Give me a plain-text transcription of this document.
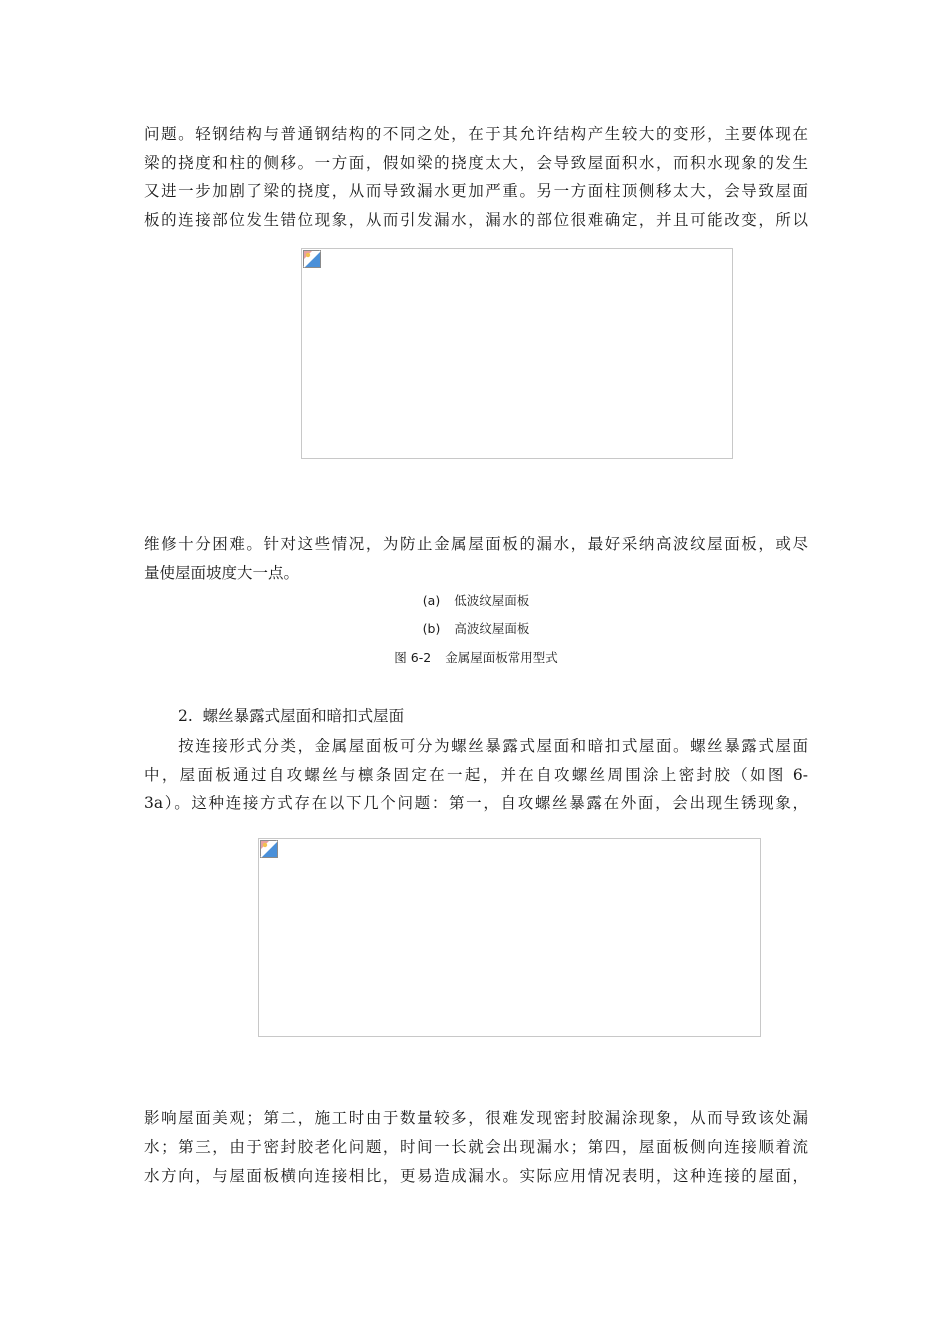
问题。轻钢结构与普通钢结构的不同之处，在于其允许结构产生较大的变形，主要体现在
梁的挠度和柱的侧移。一方面，假如梁的挠度太大，会导致屋面积水，而积水现象的发生
又进一步加剧了梁的挠度，从而导致漏水更加严重。另一方面柱顶侧移太大，会导致屋面
板的连接部位发生错位现象，从而引发漏水，漏水的部位很难确定，并且可能改变，所以
维修十分困难。针对这些情况，为防止金属屋面板的漏水，最好采纳高波纹屋面板，或尽
量使屋面坡度大一点。
(a) 低波纹屋面板
(b) 高波纹屋面板
图 6-2 金属屋面板常用型式
2.  螺丝暴露式屋面和暗扣式屋面
　　按连接形式分类，金属屋面板可分为螺丝暴露式屋面和暗扣式屋面。螺丝暴露式屋面
中，屋面板通过自攻螺丝与檩条固定在一起，并在自攻螺丝周围涂上密封胶（如图 6-
3a）。这种连接方式存在以下几个问题：第一，自攻螺丝暴露在外面，会出现生锈现象，
影响屋面美观；第二，施工时由于数量较多，很难发现密封胶漏涂现象，从而导致该处漏
水；第三，由于密封胶老化问题，时间一长就会出现漏水；第四，屋面板侧向连接顺着流
水方向，与屋面板横向连接相比，更易造成漏水。实际应用情况表明，这种连接的屋面，
